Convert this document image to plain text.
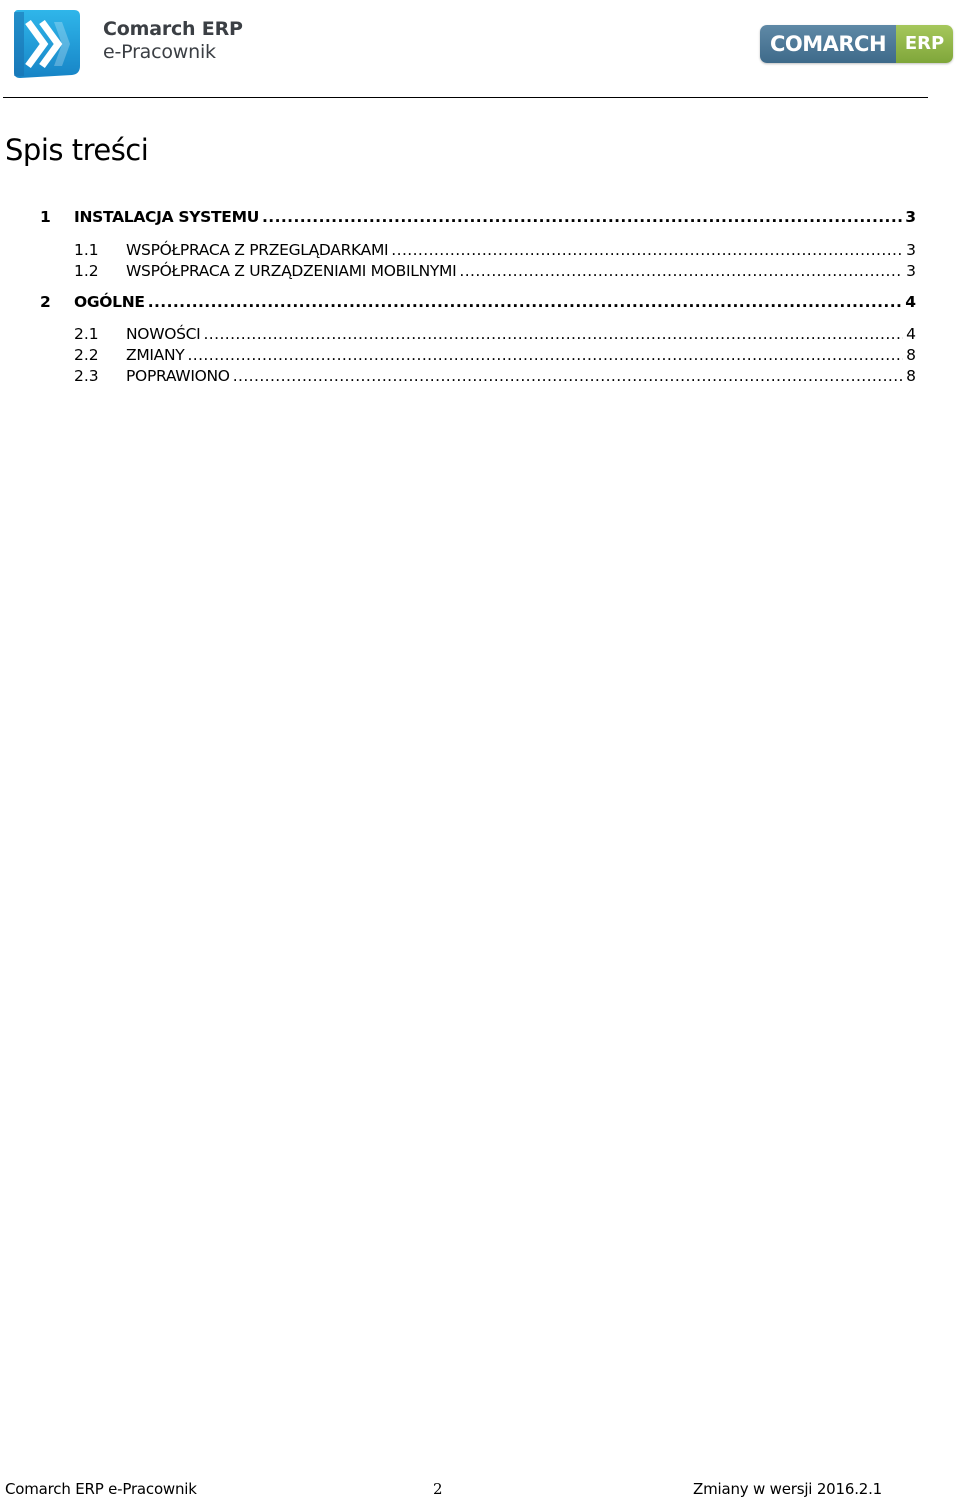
Comarch ERP
e-Pracownik	COMARCH	ERP
Spis treści
1 INSTALACJA SYSTEMU .....	3
1.1 WSPÓŁPRACA Z PRZEGLĄDARKAMI .....	3
1.2 WSPÓŁPRACA Z URZĄDZENIAMI MOBILNYMI .....	3
2 OGÓLNE .....	4
2.1 NOWOŚCI .....	4
2.2 ZMIANY .....	8
2.3 POPRAWIONO .....	8
Comarch ERP e-Pracownik	2	Zmiany w wersji 2016.2.1
